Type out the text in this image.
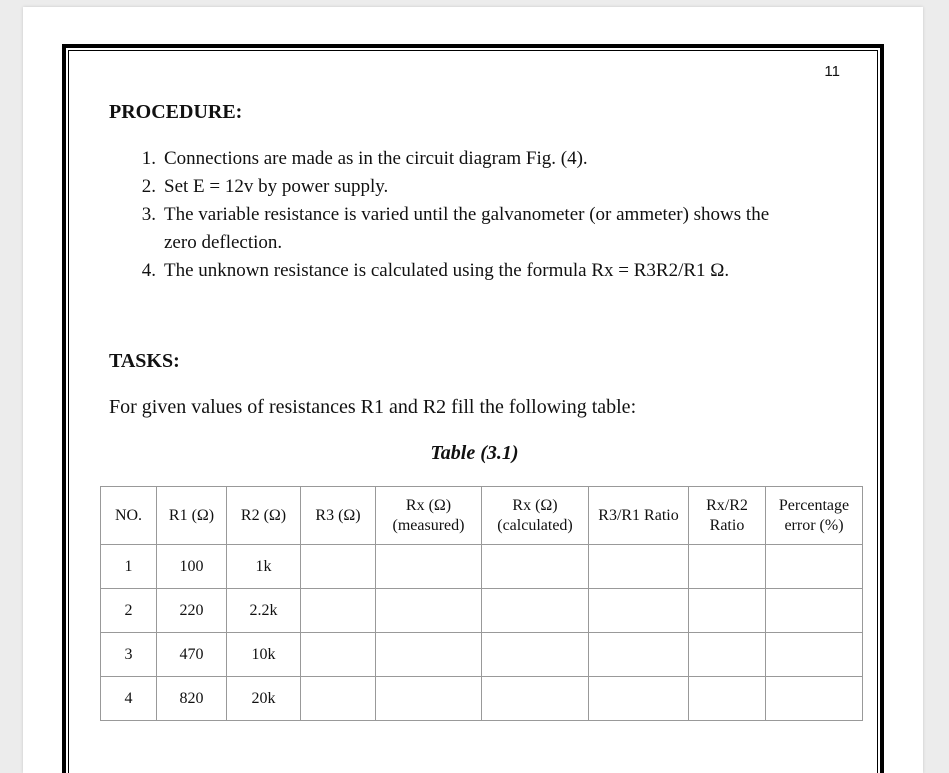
11
PROCEDURE:
1. Connections are made as in the circuit diagram Fig. (4).
2. Set E = 12v by power supply.
3. The variable resistance is varied until the galvanometer (or ammeter) shows the
zero deflection.
4. The unknown resistance is calculated using the formula Rx = R3R2/R1 Ω.
TASKS:
For given values of resistances R1 and R2 fill the following table:
Table (3.1)
NO.	R1 (Ω)	R2 (Ω)	R3 (Ω)	Rx (Ω) (measured)	Rx (Ω) (calculated)	R3/R1 Ratio	Rx/R2 Ratio	Percentage error (%)
1	100	1k						
2	220	2.2k						
3	470	10k						
4	820	20k						
